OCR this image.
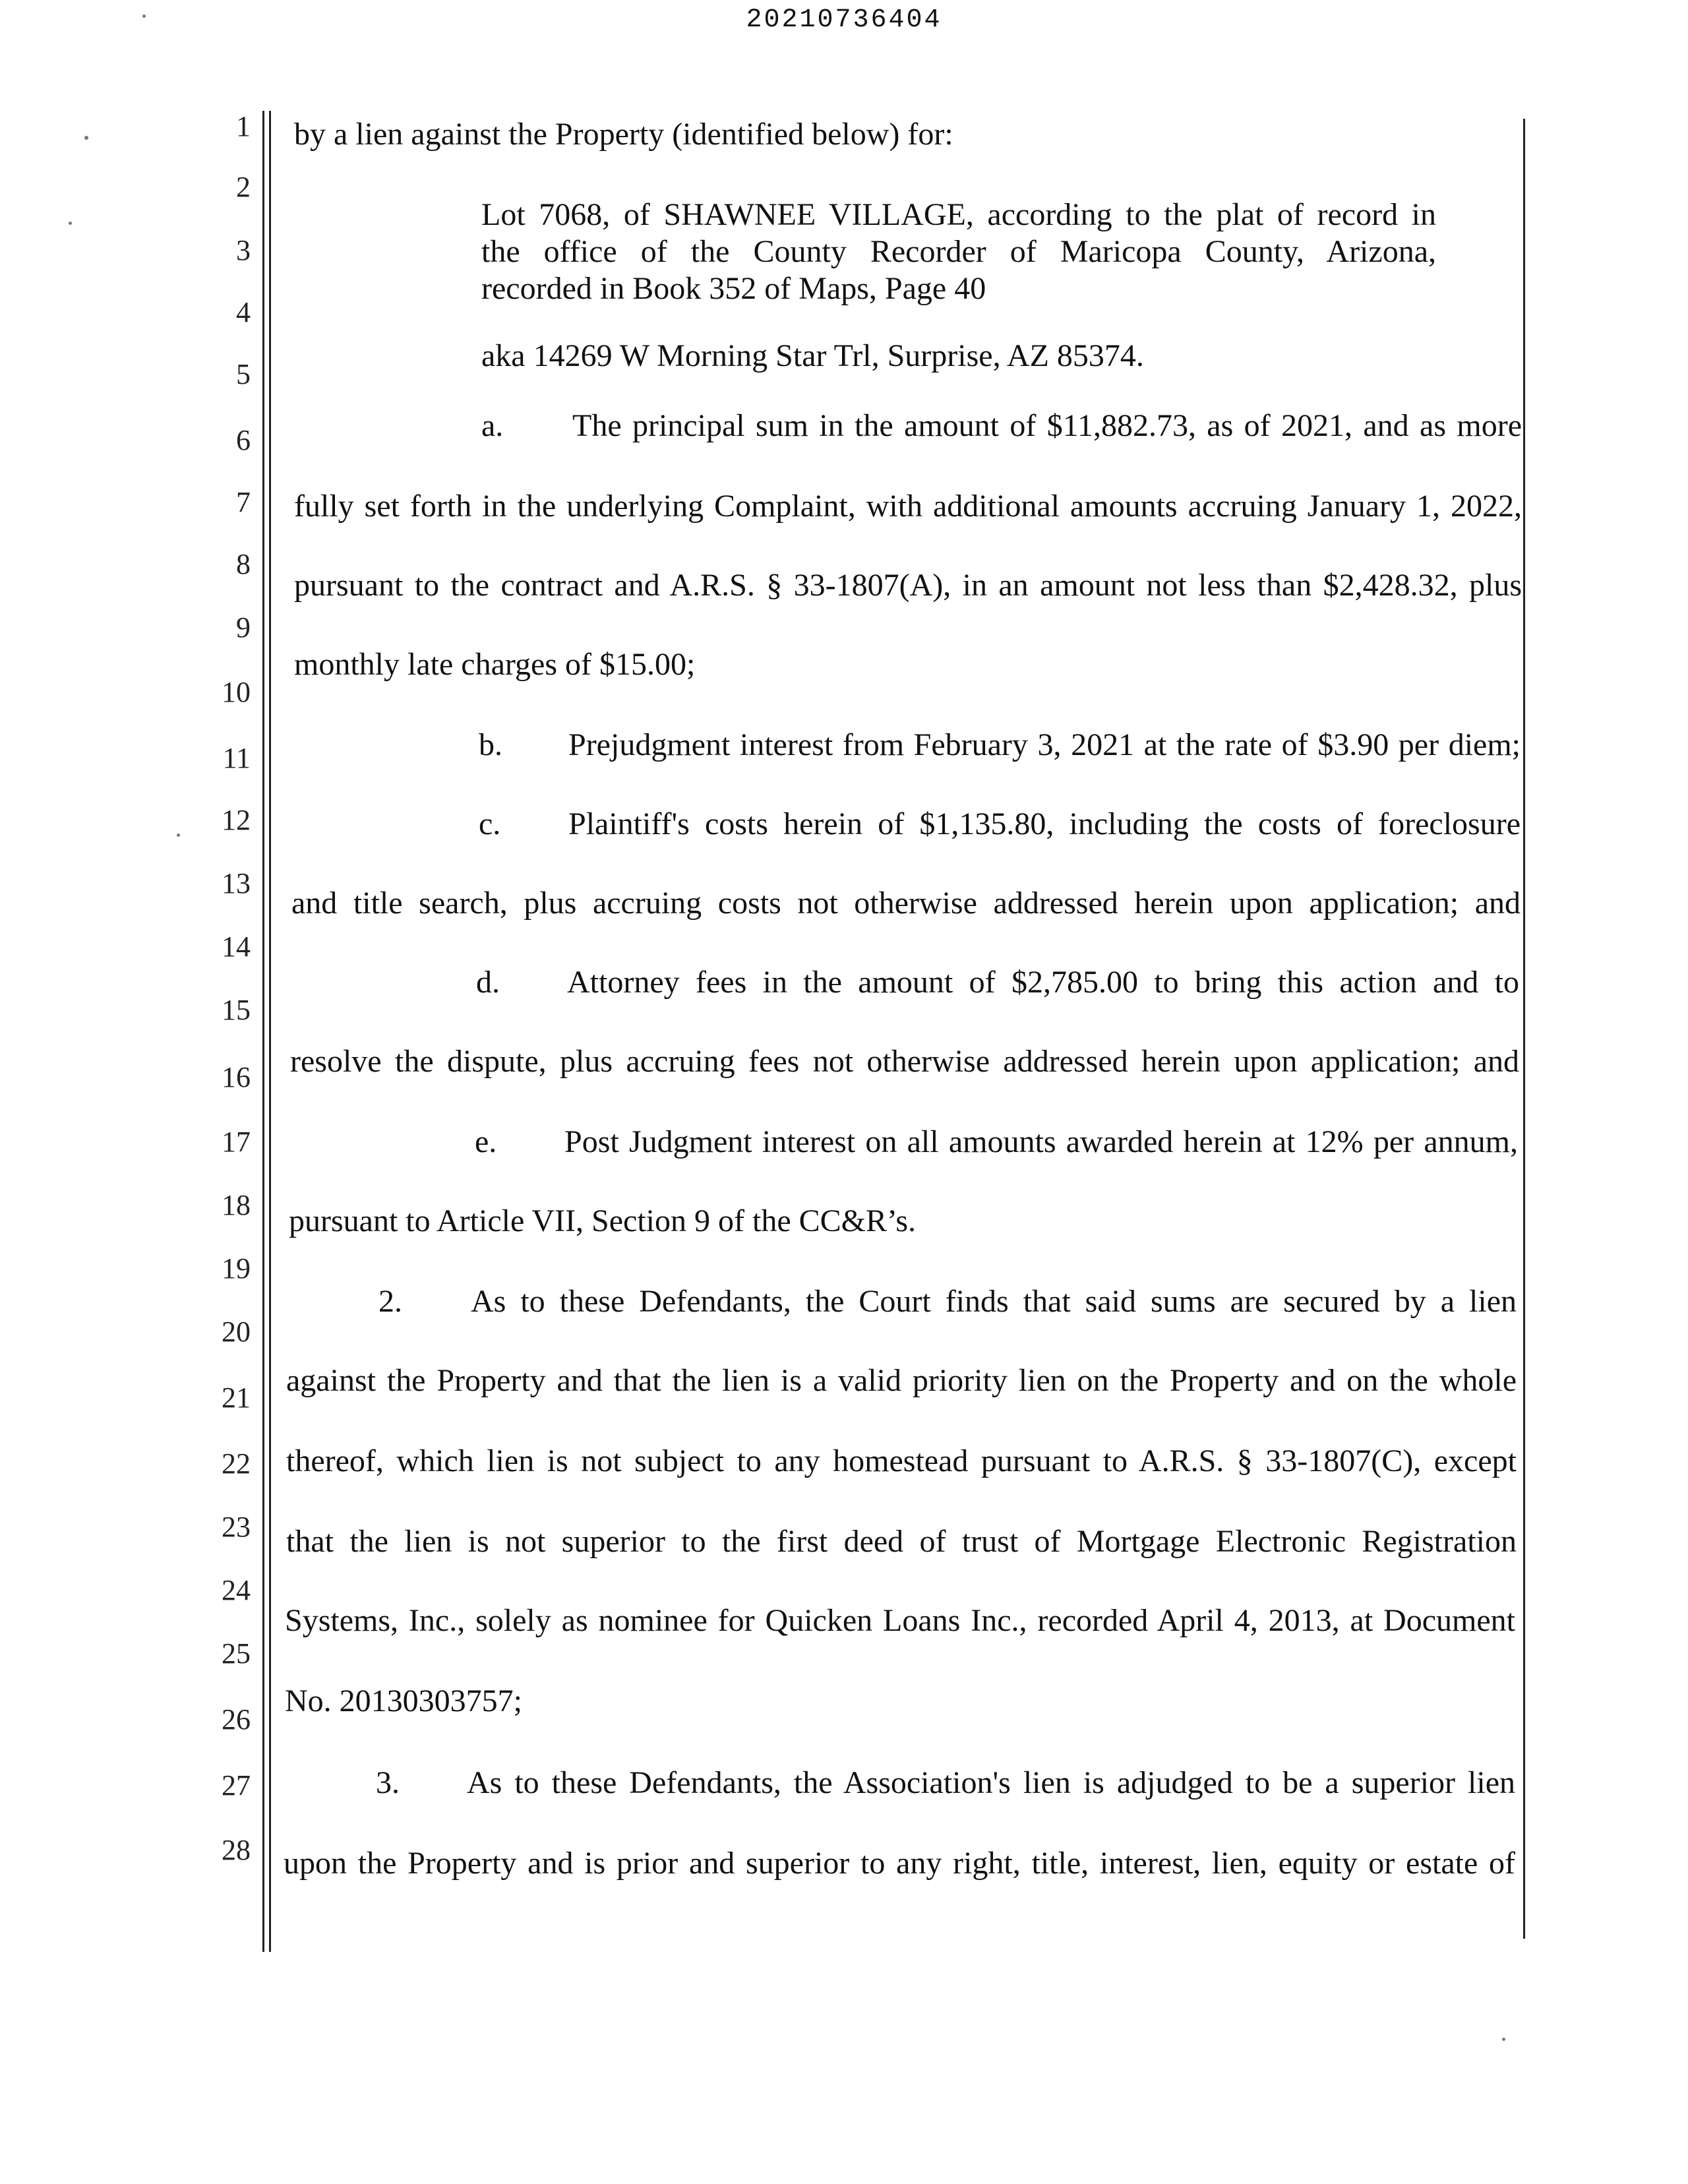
20210736404
1
2
3
4
5
6
7
8
9
10
11
12
13
14
15
16
17
18
19
20
21
22
23
24
25
26
27
28
by a lien against the Property (identified below) for:
Lot 7068, of SHAWNEE VILLAGE, according to the plat of record in
the office of the County Recorder of Maricopa County, Arizona,
recorded in Book 352 of Maps, Page 40
aka 14269 W Morning Star Trl, Surprise, AZ 85374.
a. The principal sum in the amount of $11,882.73, as of 2021, and as more
fully set forth in the underlying Complaint, with additional amounts accruing January 1, 2022,
pursuant to the contract and A.R.S. § 33-1807(A), in an amount not less than $2,428.32, plus
monthly late charges of $15.00;
b. Prejudgment interest from February 3, 2021 at the rate of $3.90 per diem;
c. Plaintiff's costs herein of $1,135.80, including the costs of foreclosure
and title search, plus accruing costs not otherwise addressed herein upon application; and
d. Attorney fees in the amount of $2,785.00 to bring this action and to
resolve the dispute, plus accruing fees not otherwise addressed herein upon application; and
e. Post Judgment interest on all amounts awarded herein at 12% per annum,
pursuant to Article VII, Section 9 of the CC&R’s.
2. As to these Defendants, the Court finds that said sums are secured by a lien
against the Property and that the lien is a valid priority lien on the Property and on the whole
thereof, which lien is not subject to any homestead pursuant to A.R.S. § 33-1807(C), except
that the lien is not superior to the first deed of trust of Mortgage Electronic Registration
Systems, Inc., solely as nominee for Quicken Loans Inc., recorded April 4, 2013, at Document
No. 20130303757;
3. As to these Defendants, the Association's lien is adjudged to be a superior lien
upon the Property and is prior and superior to any right, title, interest, lien, equity or estate of
